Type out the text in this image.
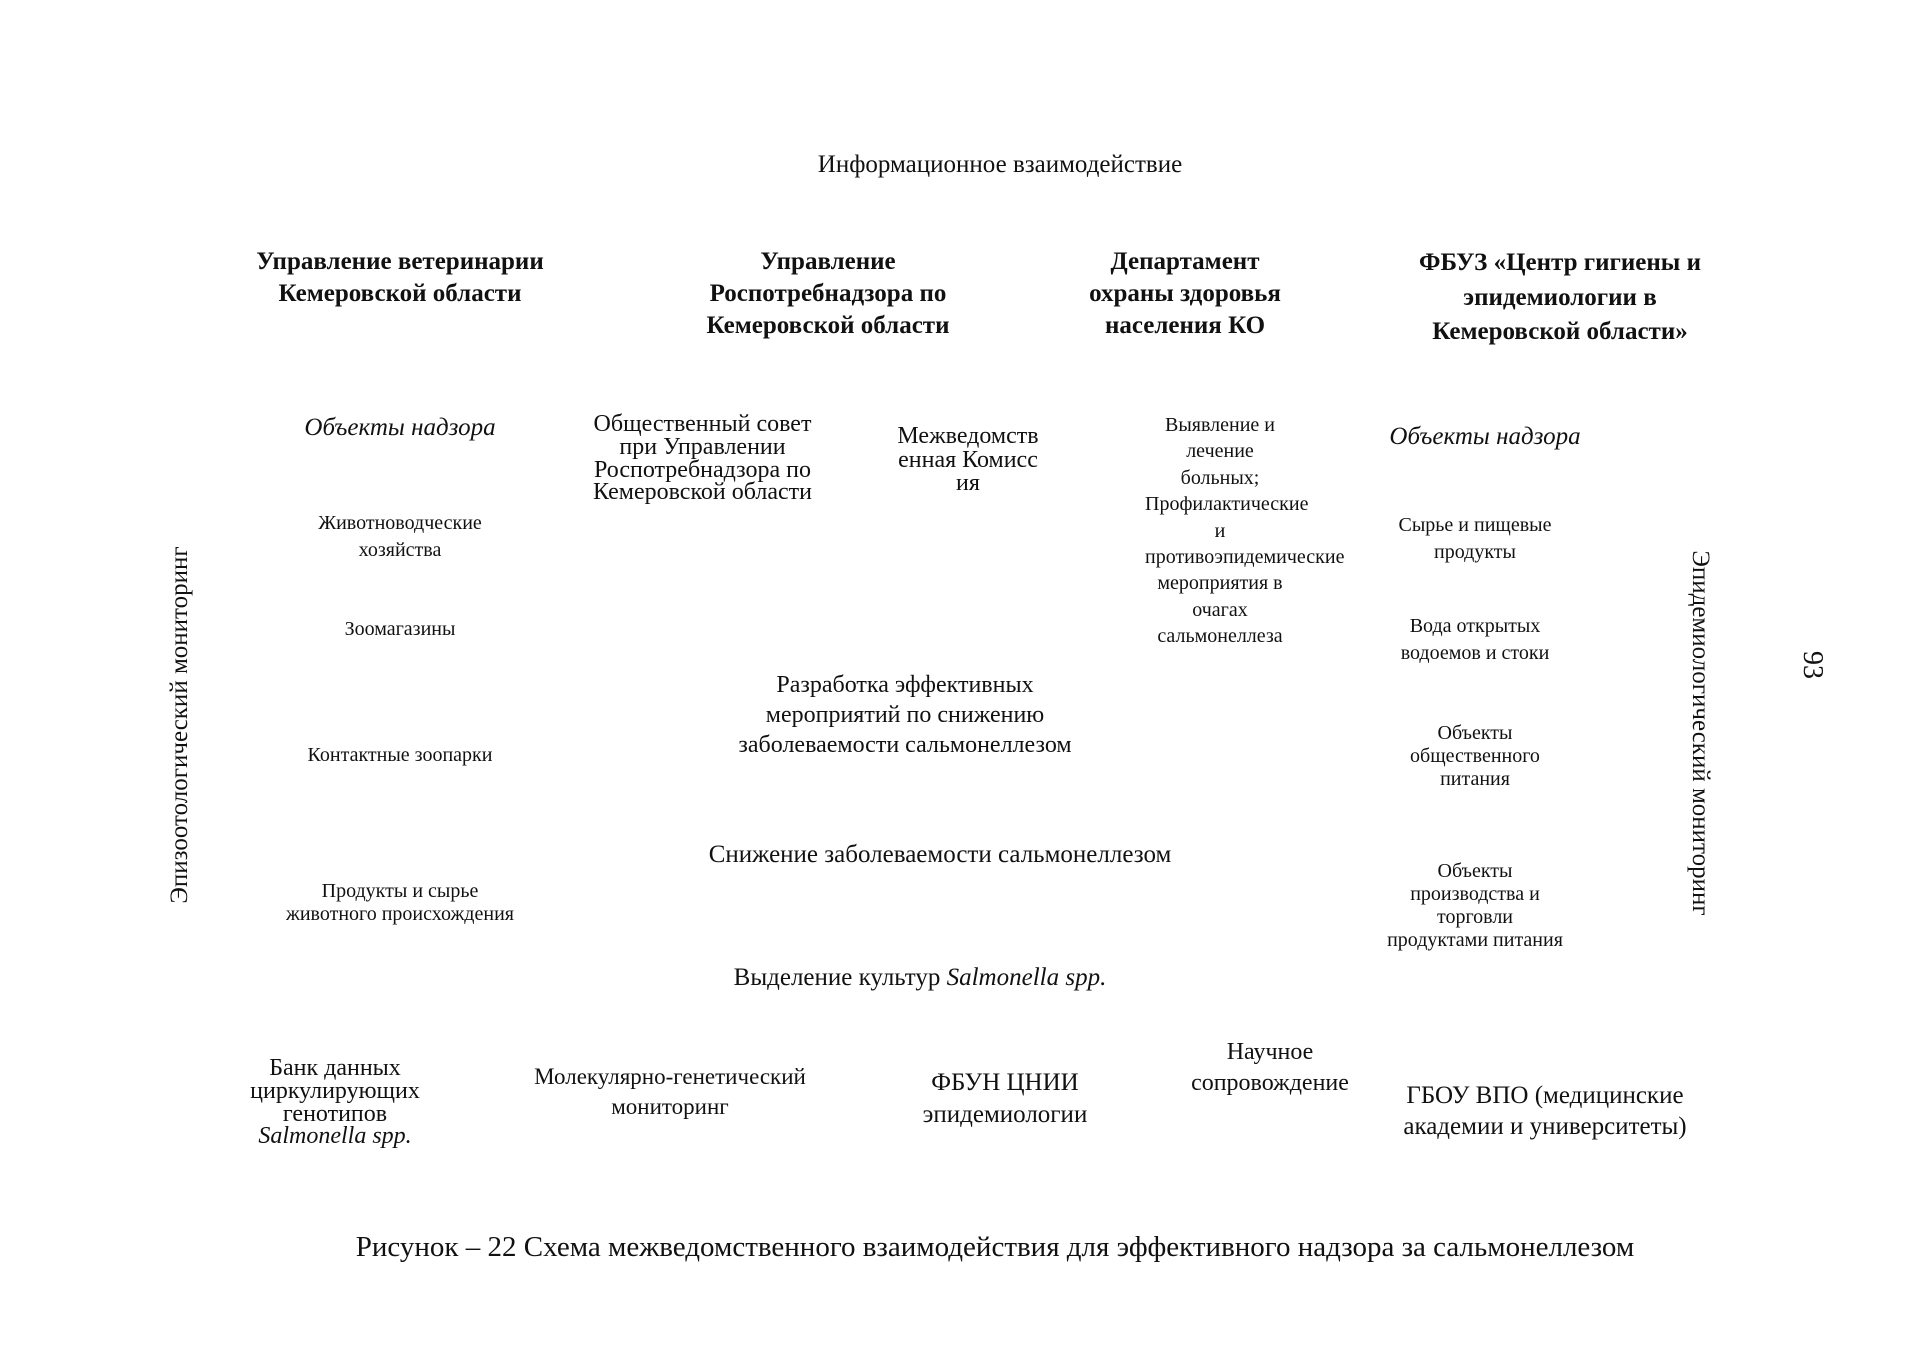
Информационное взаимодействие
Управление ветеринарии Кемеровской области
Управление Роспотребнадзора по Кемеровской области
Департамент охраны здоровья населения КО
ФБУЗ «Центр гигиены и эпидемиологии в Кемеровской области»
Объекты надзора
Животноводческие хозяйства
Зоомагазины
Контактные зоопарки
Продукты и сырье животного происхождения
Общественный совет при Управлении Роспотребнадзора по Кемеровской области
Межведомственная Комиссия
Выявление и лечение больных; Профилактические и противоэпидемические мероприятия в очагах сальмонеллеза
Разработка эффективных мероприятий по снижению заболеваемости сальмонеллезом
Снижение заболеваемости сальмонеллезом
Выделение культур Salmonella spp.
Объекты надзора
Сырье и пищевые продукты
Вода открытых водоемов и стоки
Объекты общественного питания
Объекты производства и торговли продуктами питания
Банк данных циркулирующих генотипов
Salmonella spp.
Молекулярно-генетический мониторинг
ФБУН ЦНИИ эпидемиологии
Научное сопровождение	ГБОУ ВПО (медицинские академии и университеты)
Эпизоотологический мониторинг	Эпидемиологический мониторинг	93
Рисунок – 22 Схема межведомственного взаимодействия для эффективного надзора за сальмонеллезом
